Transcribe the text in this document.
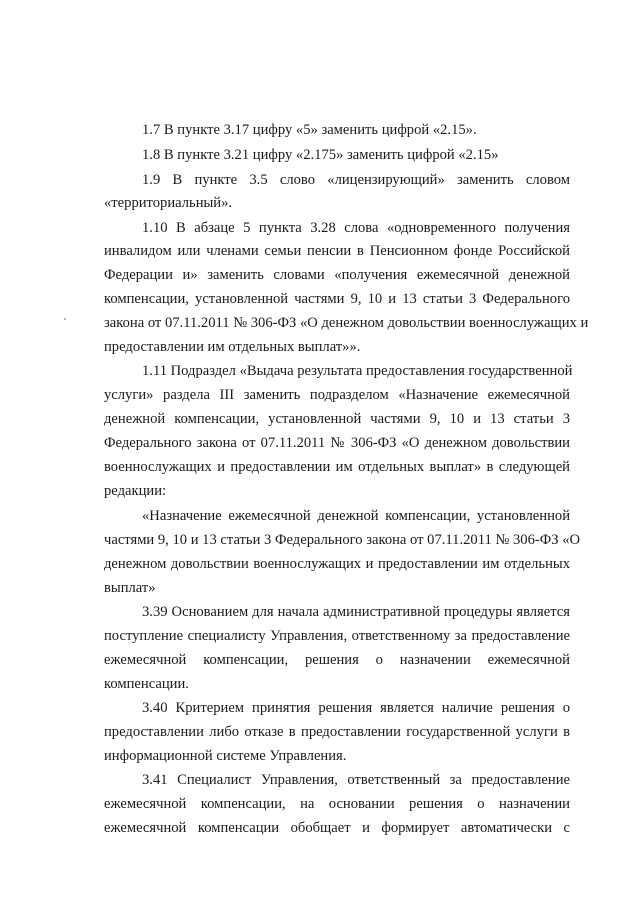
1.7 В пункте 3.17 цифру «5» заменить цифрой «2.15».
1.8 В пункте 3.21 цифру «2.175» заменить цифрой «2.15»
1.9 В пункте 3.5 слово «лицензирующий» заменить словом
«территориальный».
1.10 В абзаце 5 пункта 3.28 слова «одновременного получения
инвалидом или членами семьи пенсии в Пенсионном фонде Российской
Федерации и» заменить словами «получения ежемесячной денежной
компенсации, установленной частями 9, 10 и 13 статьи 3 Федерального
закона от 07.11.2011 № 306-ФЗ «О денежном довольствии военнослужащих и
предоставлении им отдельных выплат»».
1.11 Подраздел «Выдача результата предоставления государственной
услуги» раздела III заменить подразделом «Назначение ежемесячной
денежной компенсации, установленной частями 9, 10 и 13 статьи 3
Федерального закона от 07.11.2011 № 306-ФЗ «О денежном довольствии
военнослужащих и предоставлении им отдельных выплат» в следующей
редакции:
«Назначение ежемесячной денежной компенсации, установленной
частями 9, 10 и 13 статьи 3 Федерального закона от 07.11.2011 № 306-ФЗ «О
денежном довольствии военнослужащих и предоставлении им отдельных
выплат»
3.39 Основанием для начала административной процедуры является
поступление специалисту Управления, ответственному за предоставление
ежемесячной компенсации, решения о назначении ежемесячной
компенсации.
3.40 Критерием принятия решения является наличие решения о
предоставлении либо отказе в предоставлении государственной услуги в
информационной системе Управления.
3.41 Специалист Управления, ответственный за предоставление
ежемесячной компенсации, на основании решения о назначении
ежемесячной компенсации обобщает и формирует автоматически с
